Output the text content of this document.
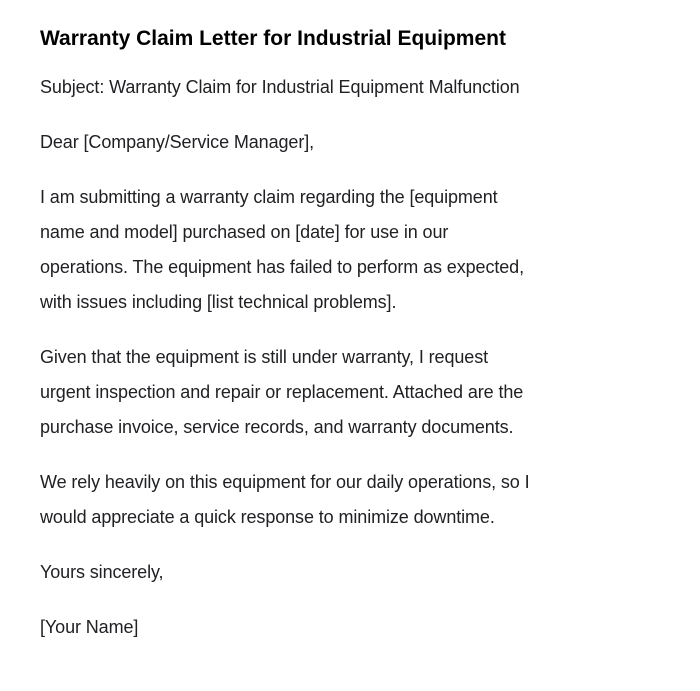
Warranty Claim Letter for Industrial Equipment

Subject: Warranty Claim for Industrial Equipment Malfunction

Dear [Company/Service Manager],

I am submitting a warranty claim regarding the [equipment
name and model] purchased on [date] for use in our
operations. The equipment has failed to perform as expected,
with issues including [list technical problems].

Given that the equipment is still under warranty, I request
urgent inspection and repair or replacement. Attached are the
purchase invoice, service records, and warranty documents.

We rely heavily on this equipment for our daily operations, so I
would appreciate a quick response to minimize downtime.

Yours sincerely,

[Your Name]
